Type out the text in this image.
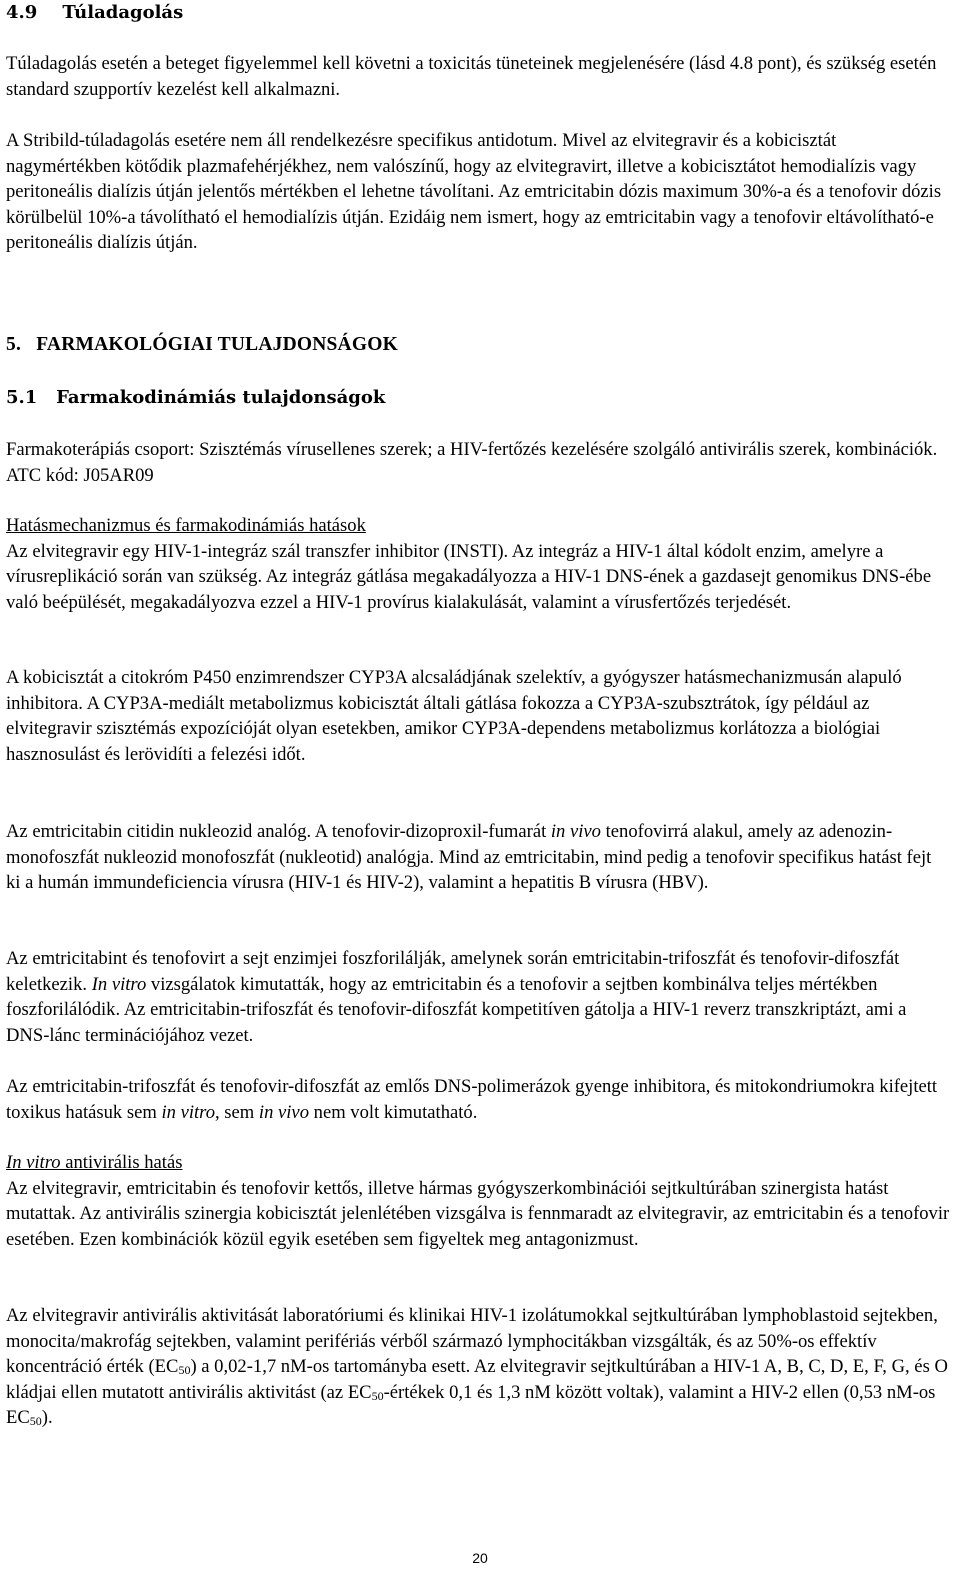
4.9 Túladagolás

Túladagolás esetén a beteget figyelemmel kell követni a toxicitás tüneteinek megjelenésére (lásd 4.8 pont), és szükség esetén standard szupportív kezelést kell alkalmazni.

A Stribild-túladagolás esetére nem áll rendelkezésre specifikus antidotum. Mivel az elvitegravir és a kobicisztát nagymértékben kötődik plazmafehérjékhez, nem valószínű, hogy az elvitegravirt, illetve a kobicisztátot hemodialízis vagy peritoneális dialízis útján jelentős mértékben el lehetne távolítani. Az emtricitabin dózis maximum 30%-a és a tenofovir dózis körülbelül 10%-a távolítható el hemodialízis útján. Ezidáig nem ismert, hogy az emtricitabin vagy a tenofovir eltávolítható-e peritoneális dialízis útján.

5. FARMAKOLÓGIAI TULAJDONSÁGOK
5.1 Farmakodinámiás tulajdonságok

Farmakoterápiás csoport: Szisztémás vírusellenes szerek; a HIV-fertőzés kezelésére szolgáló antivirális szerek, kombinációk. ATC kód: J05AR09

Hatásmechanizmus és farmakodinámiás hatások

Az elvitegravir egy HIV-1-integráz szál transzfer inhibitor (INSTI). Az integráz a HIV-1 által kódolt enzim, amelyre a vírusreplikáció során van szükség. Az integráz gátlása megakadályozza a HIV-1 DNS-ének a gazdasejt genomikus DNS-ébe való beépülését, megakadályozva ezzel a HIV-1 provírus kialakulását, valamint a vírusfertőzés terjedését.

A kobicisztát a citokróm P450 enzimrendszer CYP3A alcsaládjának szelektív, a gyógyszer hatásmechanizmusán alapuló inhibitora. A CYP3A-mediált metabolizmus kobicisztát általi gátlása fokozza a CYP3A-szubsztrátok, így például az elvitegravir szisztémás expozícióját olyan esetekben, amikor CYP3A-dependens metabolizmus korlátozza a biológiai hasznosulást és lerövidíti a felezési időt.

Az emtricitabin citidin nukleozid analóg. A tenofovir-dizoproxil-fumarát in vivo tenofovirrá alakul, amely az adenozin-monofoszfát nukleozid monofoszfát (nukleotid) analógja. Mind az emtricitabin, mind pedig a tenofovir specifikus hatást fejt ki a humán immundeficiencia vírusra (HIV-1 és HIV-2), valamint a hepatitis B vírusra (HBV).

Az emtricitabint és tenofovirt a sejt enzimjei foszforilálják, amelynek során emtricitabin-trifoszfát és tenofovir-difoszfát keletkezik. In vitro vizsgálatok kimutatták, hogy az emtricitabin és a tenofovir a sejtben kombinálva teljes mértékben foszforilálódik. Az emtricitabin-trifoszfát és tenofovir-difoszfát kompetitíven gátolja a HIV-1 reverz transzkriptázt, ami a DNS-lánc terminációjához vezet.

Az emtricitabin-trifoszfát és tenofovir-difoszfát az emlős DNS-polimerázok gyenge inhibitora, és mitokondriumokra kifejtett toxikus hatásuk sem in vitro, sem in vivo nem volt kimutatható.

In vitro antivirális hatás

Az elvitegravir, emtricitabin és tenofovir kettős, illetve hármas gyógyszerkombinációi sejtkultúrában szinergista hatást mutattak. Az antivirális szinergia kobicisztát jelenlétében vizsgálva is fennmaradt az elvitegravir, az emtricitabin és a tenofovir esetében. Ezen kombinációk közül egyik esetében sem figyeltek meg antagonizmust.

Az elvitegravir antivirális aktivitását laboratóriumi és klinikai HIV-1 izolátumokkal sejtkultúrában lymphoblastoid sejtekben, monocita/makrofág sejtekben, valamint perifériás vérből származó lymphocitákban vizsgálták, és az 50%-os effektív koncentráció érték $(EC_{50})$ a 0,02-1,7 nM-os tartományba esett. Az elvitegravir sejtkultúrában a HIV-1 A, B, C, D, E, F, G, és O kládjai ellen mutatott antivirális aktivitást (az $EC_{50}$-értékek 0,1 és 1,3 nM között voltak), valamint a HIV-2 ellen (0,53 nM-os $EC_{50}$).

20
